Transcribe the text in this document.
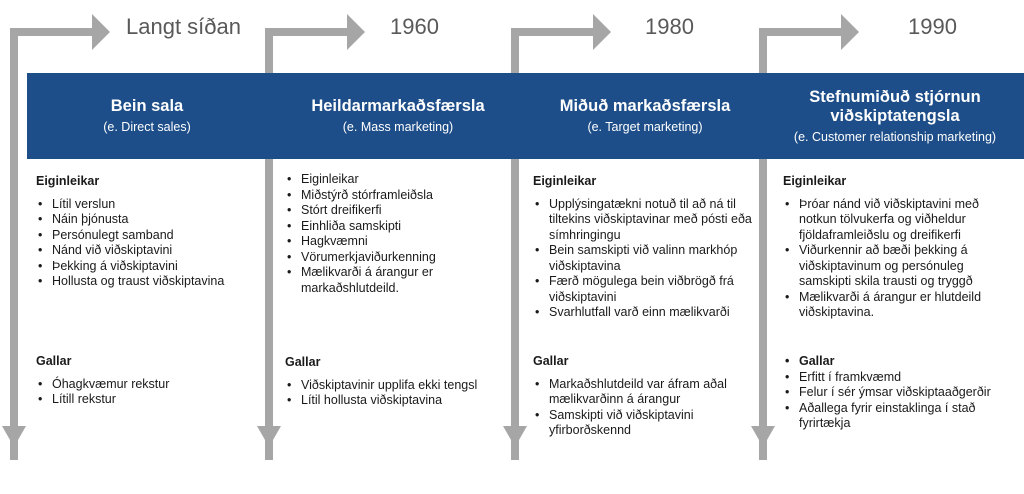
Langt síðan	1960	1980	1990
Bein sala
(e. Direct sales)
Heildarmarkaðsfærsla
(e. Mass marketing)
Miðuð markaðsfærsla
(e. Target marketing)
Stefnumiðuð stjórnun viðskiptatengsla
(e. Customer relationship marketing)
Eiginleikar
• Lítil verslun
• Náin þjónusta
• Persónulegt samband
• Nánd við viðskiptavini
• Þekking á viðskiptavini
• Hollusta og traust viðskiptavina
Gallar
• Óhagkvæmur rekstur
• Lítill rekstur
• Eiginleikar
• Miðstýrð stórframleiðsla
• Stórt dreifikerfi
• Einhliða samskipti
• Hagkvæmni
• Vörumerkjaviðurkenning
• Mælikvarði á árangur er markaðshlutdeild.
Gallar
• Viðskiptavinir upplifa ekki tengsl
• Lítil hollusta viðskiptavina
Eiginleikar
• Upplýsingatækni notuð til að ná til tiltekins viðskiptavinar með pósti eða símhringingu
• Bein samskipti við valinn markhóp viðskiptavina
• Færð mögulega bein viðbrögð frá viðskiptavini
• Svarhlutfall varð einn mælikvarði
Gallar
• Markaðshlutdeild var áfram aðal mælikvarðinn á árangur
• Samskipti við viðskiptavini yfirborðskennd
Eiginleikar
• Þróar nánd við viðskiptavini með notkun tölvukerfa og viðheldur fjöldaframleiðslu og dreifikerfi
• Viðurkennir að bæði þekking á viðskiptavinum og persónuleg samskipti skila trausti og tryggð
• Mælikvarði á árangur er hlutdeild viðskiptavina.
• Gallar
• Erfitt í framkvæmd
• Felur í sér ýmsar viðskiptaaðgerðir
• Aðallega fyrir einstaklinga í stað fyrirtækja
